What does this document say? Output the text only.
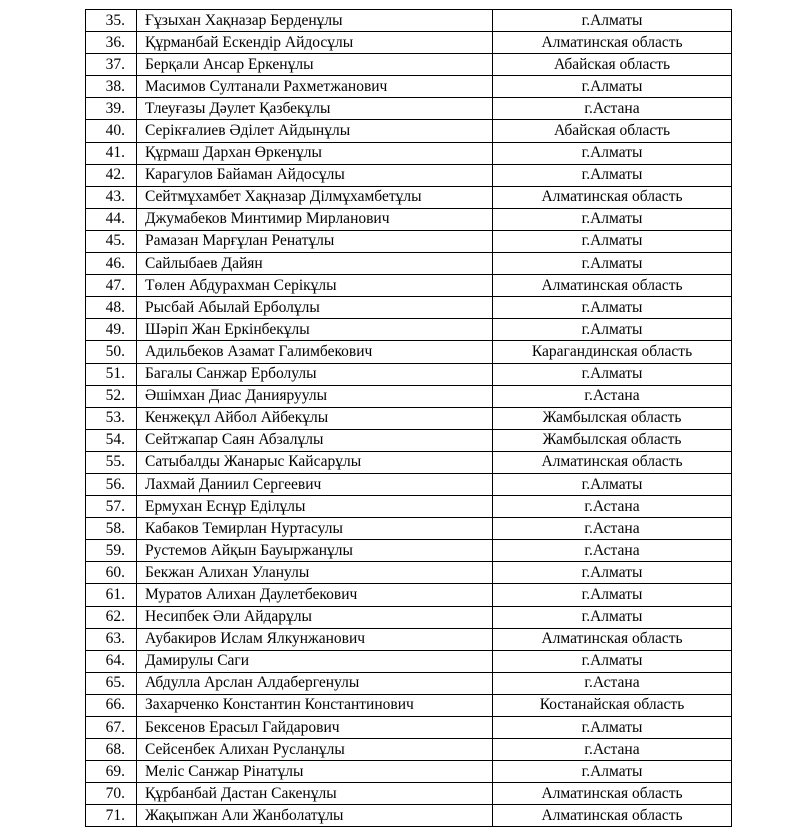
35.	Ғұзыхан Хақназар Берденұлы	г.Алматы
36.	Құрманбай Ескендір Айдосұлы	Алматинская область
37.	Берқали Ансар Еркенұлы	Абайская область
38.	Масимов Султанали Рахметжанович	г.Алматы
39.	Тлеуғазы Дәулет Қазбекұлы	г.Астана
40.	Серікғалиев Әділет Айдынұлы	Абайская область
41.	Құрмаш Дархан Өркенұлы	г.Алматы
42.	Карагулов Байаман Айдосұлы	г.Алматы
43.	Сейтмұхамбет Хақназар Ділмұхамбетұлы	Алматинская область
44.	Джумабеков Минтимир Мирланович	г.Алматы
45.	Рамазан Марғұлан Ренатұлы	г.Алматы
46.	Сайлыбаев Дайян	г.Алматы
47.	Төлен Абдурахман Серікұлы	Алматинская область
48.	Рысбай Абылай Ерболұлы	г.Алматы
49.	Шәріп Жан Еркінбекұлы	г.Алматы
50.	Адильбеков Азамат Галимбекович	Карагандинская область
51.	Багалы Санжар Ерболулы	г.Алматы
52.	Әшімхан Диас Данияруулы	г.Астана
53.	Кенжеқұл Айбол Айбекұлы	Жамбылская область
54.	Сейтжапар Саян Абзалұлы	Жамбылская область
55.	Сатыбалды Жанарыс Кайсарұлы	Алматинская область
56.	Лахмай Даниил Сергеевич	г.Алматы
57.	Ермухан Еснұр Еділұлы	г.Астана
58.	Кабаков Темирлан Нуртасулы	г.Астана
59.	Рустемов Айқын Бауыржанұлы	г.Астана
60.	Бекжан Алихан Уланулы	г.Алматы
61.	Муратов Алихан Даулетбекович	г.Алматы
62.	Несипбек Әли Айдарұлы	г.Алматы
63.	Аубакиров Ислам Ялкунжанович	Алматинская область
64.	Дамирулы Саги	г.Алматы
65.	Абдулла Арслан Алдабергенулы	г.Астана
66.	Захарченко Константин Константинович	Костанайская область
67.	Бексенов Ерасыл Гайдарович	г.Алматы
68.	Сейсенбек Алихан Русланұлы	г.Астана
69.	Меліс Санжар Рінатұлы	г.Алматы
70.	Құрбанбай Дастан Сакенұлы	Алматинская область
71.	Жақыпжан Али Жанболатұлы	Алматинская область
